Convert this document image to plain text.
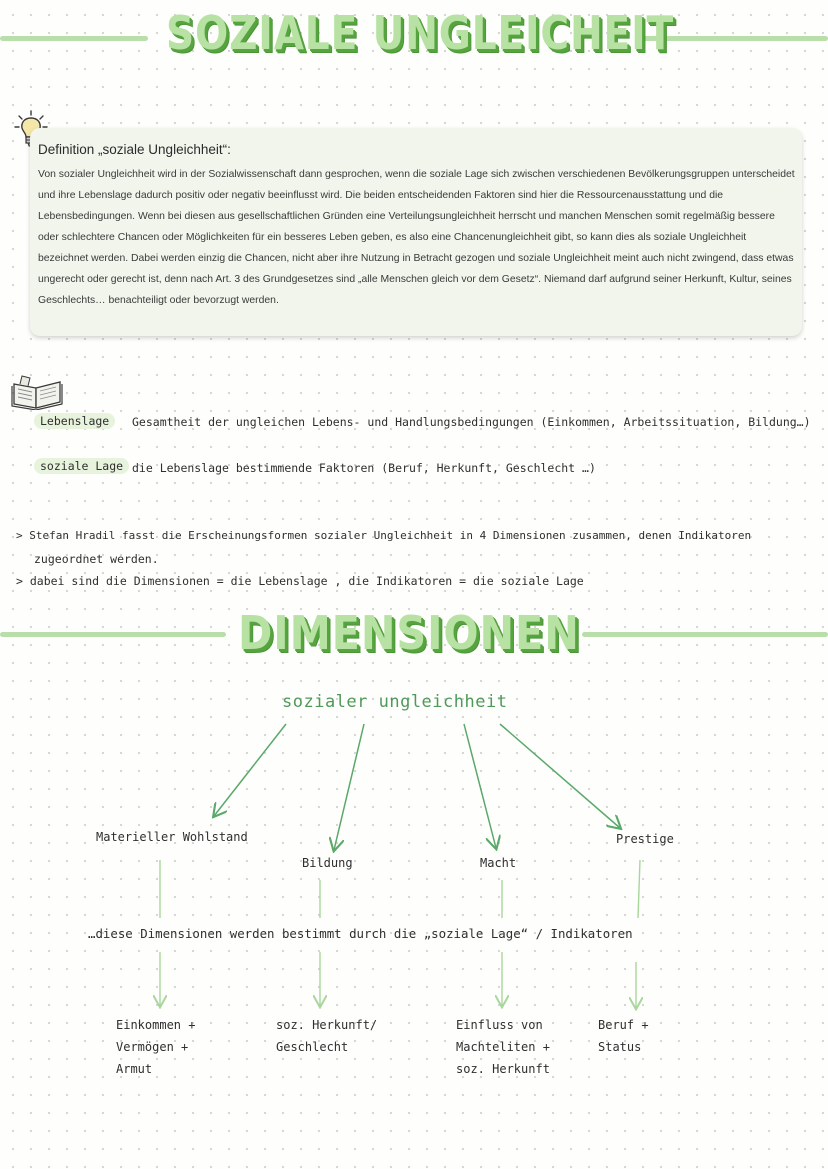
SOZIALE UNGLEICHEIT
Definition „soziale Ungleichheit“:
Von sozialer Ungleichheit wird in der Sozialwissenschaft dann gesprochen, wenn die soziale Lage sich zwischen verschiedenen Bevölkerungsgruppen unterscheidet und ihre Lebenslage dadurch positiv oder negativ beeinflusst wird. Die beiden entscheidenden Faktoren sind hier die Ressourcenausstattung und die Lebensbedingungen. Wenn bei diesen aus gesellschaftlichen Gründen eine Verteilungsungleichheit herrscht und manchen Menschen somit regelmäßig bessere oder schlechtere Chancen oder Möglichkeiten für ein besseres Leben geben, es also eine Chancenungleichheit gibt, so kann dies als soziale Ungleichheit bezeichnet werden. Dabei werden einzig die Chancen, nicht aber ihre Nutzung in Betracht gezogen und soziale Ungleichheit meint auch nicht zwingend, dass etwas ungerecht oder gerecht ist, denn nach Art. 3 des Grundgesetzes sind „alle Menschen gleich vor dem Gesetz“. Niemand darf aufgrund seiner Herkunft, Kultur, seines Geschlechts… benachteiligt oder bevorzugt werden.
Lebenslage	Gesamtheit der ungleichen Lebens- und Handlungsbedingungen (Einkommen, Arbeitssituation, Bildung…)
soziale Lage die Lebenslage bestimmende Faktoren (Beruf, Herkunft, Geschlecht …)
> Stefan Hradil fasst die Erscheinungsformen sozialer Ungleichheit in 4 Dimensionen zusammen, denen Indikatoren
zugeordnet werden.
> dabei sind die Dimensionen = die Lebenslage , die Indikatoren = die soziale Lage
DIMENSIONEN
sozialer ungleichheit
Materieller Wohlstand
Bildung	Macht
Prestige
…diese Dimensionen werden bestimmt durch die „soziale Lage“ / Indikatoren
Einkommen +
Vermögen +
Armut
soz. Herkunft/
Geschlecht
Einfluss von
Machteliten +
soz. Herkunft
Beruf +
Status
